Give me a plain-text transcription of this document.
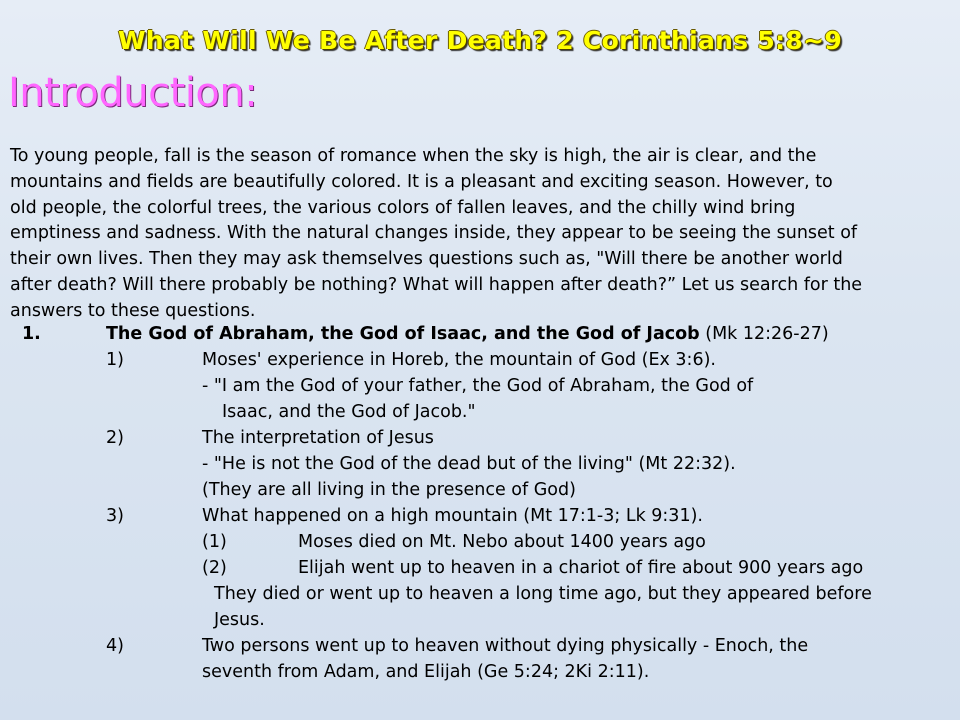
What Will We Be After Death? 2 Corinthians 5:8~9
Introduction:

To young people, fall is the season of romance when the sky is high, the air is clear, and the
mountains and fields are beautifully colored. It is a pleasant and exciting season. However, to
old people, the colorful trees, the various colors of fallen leaves, and the chilly wind bring
emptiness and sadness. With the natural changes inside, they appear to be seeing the sunset of
their own lives. Then they may ask themselves questions such as, "Will there be another world
after death? Will there probably be nothing? What will happen after death?” Let us search for the
answers to these questions.

1.	The God of Abraham, the God of Isaac, and the God of Jacob (Mk 12:26-27)
1)	Moses' experience in Horeb, the mountain of God (Ex 3:6).
- "I am the God of your father, the God of Abraham, the God of
Isaac, and the God of Jacob."
2)	The interpretation of Jesus
- "He is not the God of the dead but of the living" (Mt 22:32).
(They are all living in the presence of God)
3)	What happened on a high mountain (Mt 17:1-3; Lk 9:31).
(1)	Moses died on Mt. Nebo about 1400 years ago
(2)	Elijah went up to heaven in a chariot of fire about 900 years ago
They died or went up to heaven a long time ago, but they appeared before
Jesus.
4)	Two persons went up to heaven without dying physically - Enoch, the
seventh from Adam, and Elijah (Ge 5:24; 2Ki 2:11).
